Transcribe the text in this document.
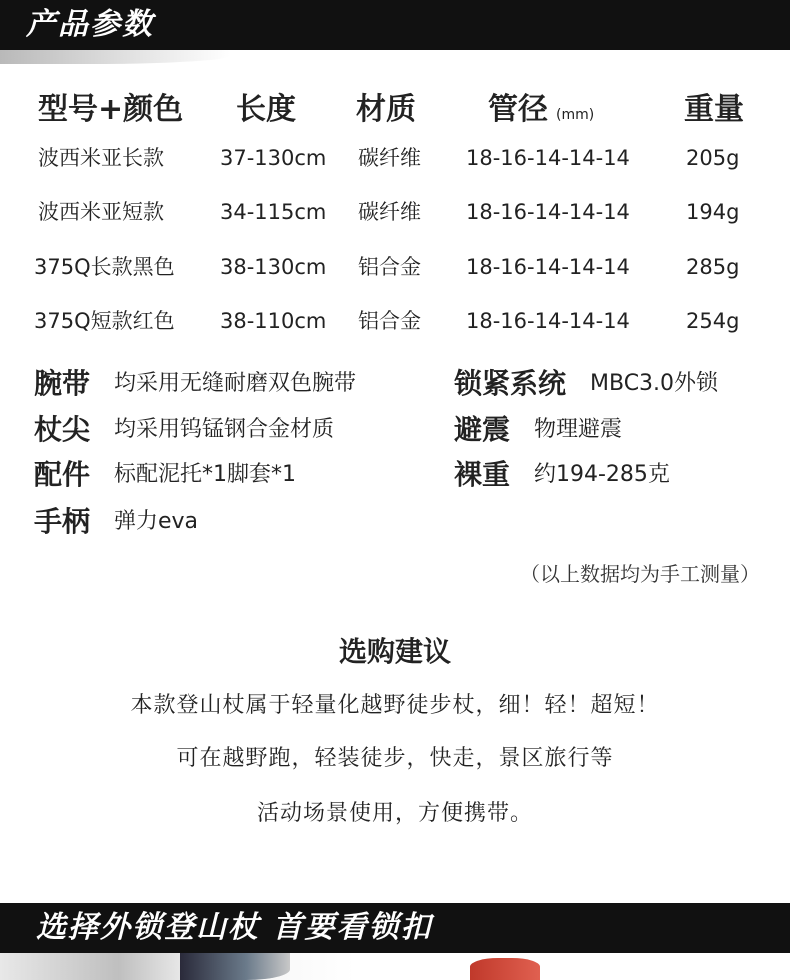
产品参数
型号+颜色 长度 材质 管径 (mm)	重量
波西米亚长款	37-130cm 碳纤维 18-16-14-14-14	205g
波西米亚短款	34-115cm 碳纤维 18-16-14-14-14	194g
375Q长款黑色 38-130cm 铝合金 18-16-14-14-14	285g
375Q短款红色 38-110cm 铝合金 18-16-14-14-14	254g
腕带 均采用无缝耐磨双色腕带
杖尖 均采用钨锰钢合金材质
配件 标配泥托*1脚套*1
手柄 弹力eva
锁紧系统 MBC3.0外锁
避震 物理避震
裸重 约194-285克
（以上数据均为手工测量）
选购建议
本款登山杖属于轻量化越野徒步杖，细！轻！超短！
可在越野跑，轻装徒步，快走，景区旅行等
活动场景使用，方便携带。
选择外锁登山杖 首要看锁扣
